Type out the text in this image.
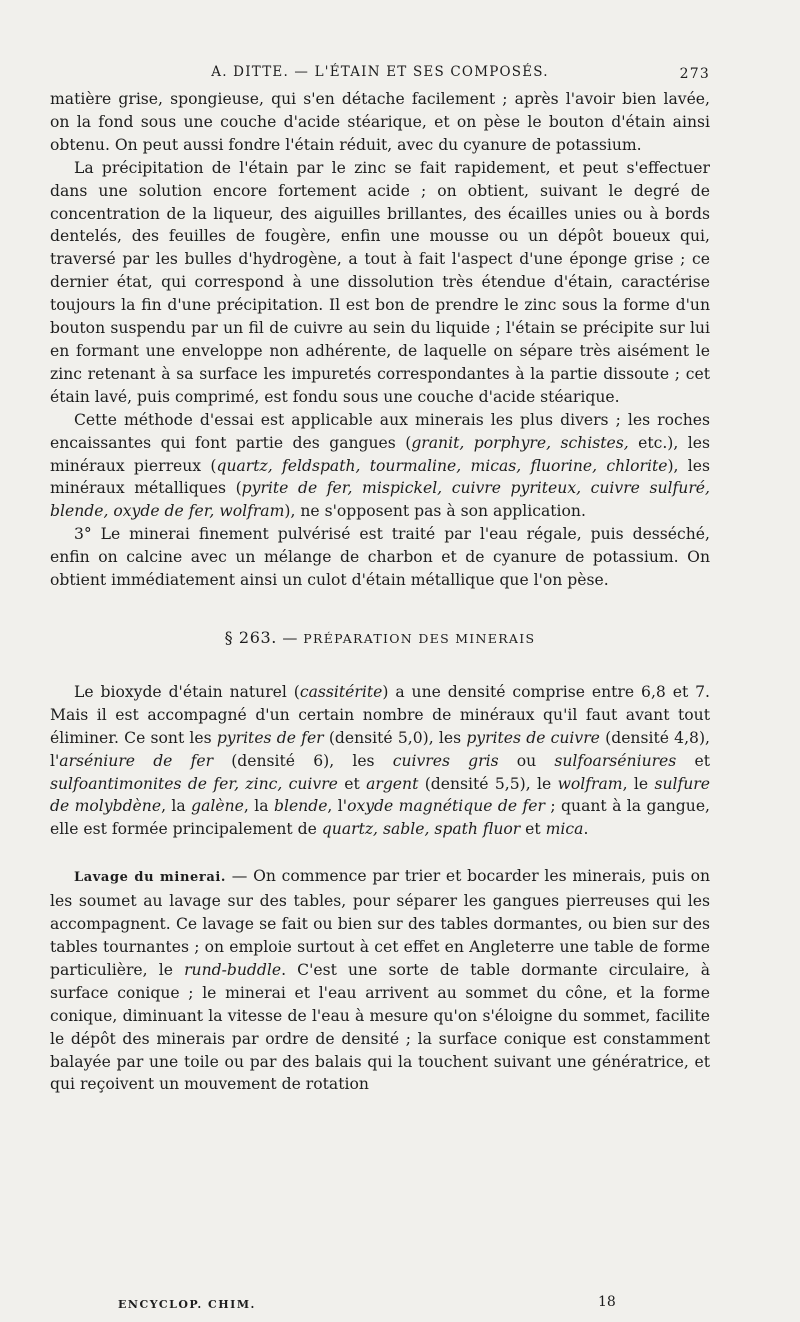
A. DITTE. — L'ÉTAIN ET SES COMPOSÉS.	273

matière grise, spongieuse, qui s'en détache facilement ; après l'avoir bien lavée, on la fond sous une couche d'acide stéarique, et on pèse le bouton d'étain ainsi obtenu. On peut aussi fondre l'étain réduit, avec du cyanure de potassium.

La précipitation de l'étain par le zinc se fait rapidement, et peut s'effectuer dans une solution encore fortement acide ; on obtient, suivant le degré de concentration de la liqueur, des aiguilles brillantes, des écailles unies ou à bords dentelés, des feuilles de fougère, enfin une mousse ou un dépôt boueux qui, traversé par les bulles d'hydrogène, a tout à fait l'aspect d'une éponge grise ; ce dernier état, qui correspond à une dissolution très étendue d'étain, caractérise toujours la fin d'une précipitation. Il est bon de prendre le zinc sous la forme d'un bouton suspendu par un fil de cuivre au sein du liquide ; l'étain se précipite sur lui en formant une enveloppe non adhérente, de laquelle on sépare très aisément le zinc retenant à sa surface les impuretés correspondantes à la partie dissoute ; cet étain lavé, puis comprimé, est fondu sous une couche d'acide stéarique.

Cette méthode d'essai est applicable aux minerais les plus divers ; les roches encaissantes qui font partie des gangues (granit, porphyre, schistes, etc.), les minéraux pierreux (quartz, feldspath, tourmaline, micas, fluorine, chlorite), les minéraux métalliques (pyrite de fer, mispickel, cuivre pyriteux, cuivre sulfuré, blende, oxyde de fer, wolfram), ne s'opposent pas à son application.

3° Le minerai finement pulvérisé est traité par l'eau régale, puis desséché, enfin on calcine avec un mélange de charbon et de cyanure de potassium. On obtient immédiatement ainsi un culot d'étain métallique que l'on pèse.

§ 263. — PRÉPARATION DES MINERAIS

Le bioxyde d'étain naturel (cassitérite) a une densité comprise entre 6,8 et 7. Mais il est accompagné d'un certain nombre de minéraux qu'il faut avant tout éliminer. Ce sont les pyrites de fer (densité 5,0), les pyrites de cuivre (densité 4,8), l'arséniure de fer (densité 6), les cuivres gris ou sulfoarséniures et sulfoantimonites de fer, zinc, cuivre et argent (densité 5,5), le wolfram, le sulfure de molybdène, la galène, la blende, l'oxyde magnétique de fer ; quant à la gangue, elle est formée principalement de quartz, sable, spath fluor et mica.

Lavage du minerai. — On commence par trier et bocarder les minerais, puis on les soumet au lavage sur des tables, pour séparer les gangues pierreuses qui les accompagnent. Ce lavage se fait ou bien sur des tables dormantes, ou bien sur des tables tournantes ; on emploie surtout à cet effet en Angleterre une table de forme particulière, le rund-buddle. C'est une sorte de table dormante circulaire, à surface conique ; le minerai et l'eau arrivent au sommet du cône, et la forme conique, diminuant la vitesse de l'eau à mesure qu'on s'éloigne du sommet, facilite le dépôt des minerais par ordre de densité ; la surface conique est constamment balayée par une toile ou par des balais qui la touchent suivant une génératrice, et qui reçoivent un mouvement de rotation

ENCYCLOP. CHIM.	18
